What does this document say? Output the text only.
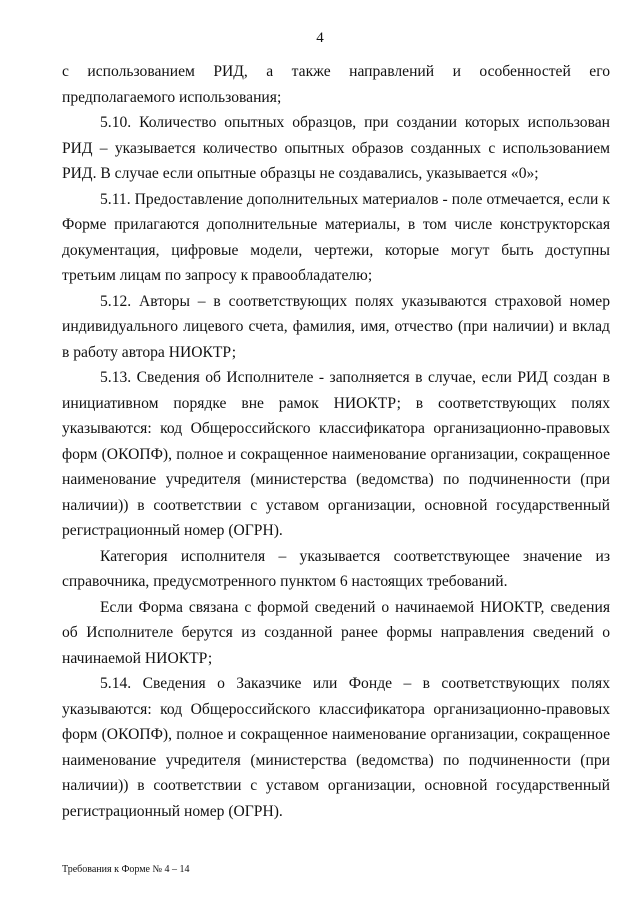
4

с использованием РИД, а также направлений и особенностей его предполагаемого использования;

5.10. Количество опытных образцов, при создании которых использован РИД – указывается количество опытных образов созданных с использованием РИД. В случае если опытные образцы не создавались, указывается «0»;

5.11. Предоставление дополнительных материалов - поле отмечается, если к Форме прилагаются дополнительные материалы, в том числе конструкторская документация, цифровые модели, чертежи, которые могут быть доступны третьим лицам по запросу к правообладателю;

5.12. Авторы – в соответствующих полях указываются страховой номер индивидуального лицевого счета, фамилия, имя, отчество (при наличии) и вклад в работу автора НИОКТР;

5.13. Сведения об Исполнителе - заполняется в случае, если РИД создан в инициативном порядке вне рамок НИОКТР; в соответствующих полях указываются: код Общероссийского классификатора организационно-правовых форм (ОКОПФ), полное и сокращенное наименование организации, сокращенное наименование учредителя (министерства (ведомства) по подчиненности (при наличии)) в соответствии с уставом организации, основной государственный регистрационный номер (ОГРН).

Категория исполнителя – указывается соответствующее значение из справочника, предусмотренного пунктом 6 настоящих требований.

Если Форма связана с формой сведений о начинаемой НИОКТР, сведения об Исполнителе берутся из созданной ранее формы направления сведений о начинаемой НИОКТР;

5.14. Сведения о Заказчике или Фонде – в соответствующих полях указываются: код Общероссийского классификатора организационно-правовых форм (ОКОПФ), полное и сокращенное наименование организации, сокращенное наименование учредителя (министерства (ведомства) по подчиненности (при наличии)) в соответствии с уставом организации, основной государственный регистрационный номер (ОГРН).

Требования к Форме № 4 – 14
